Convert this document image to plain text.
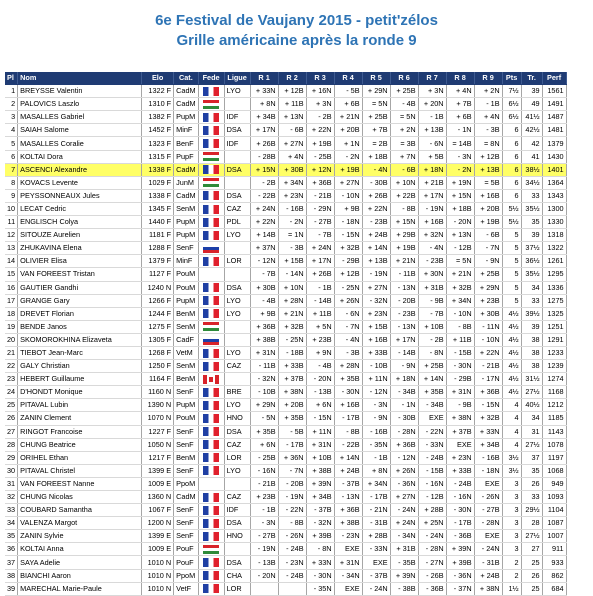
6e Festival de Vaujany 2015 - petit'zélos
Grille américaine après la ronde 9
Pl	Nom	Elo	Cat.	Fede	Ligue	R 1	R 2	R 3	R 4	R 5	R 6	R 7	R 8	R 9	Pts	Tr.	Perf
1	BREYSSE Valentin	1322 F	CadM		LYO	+ 33N	+ 12B	+ 16N	- 5B	+ 29N	+ 25B	+ 3N	+ 4N	+ 2N	7½	39	1561
2	PALOVICS Laszlo	1310 F	CadM			+ 8N	+ 11B	+ 3N	+ 6B	= 5N	- 4B	+ 20N	+ 7B	- 1B	6½	49	1491
3	MASALLES Gabriel	1382 F	PupM		IDF	+ 34B	+ 13N	- 2B	+ 21N	+ 25B	= 5N	- 1B	+ 6B	+ 4N	6½	41½	1487
4	SAIAH Salome	1452 F	MinF		DSA	+ 17N	- 6B	+ 22N	+ 20B	+ 7B	+ 2N	+ 13B	- 1N	- 3B	6	42½	1481
5	MASALLES Coralie	1323 F	BenF		IDF	+ 26B	+ 27N	+ 19B	+ 1N	= 2B	= 3B	- 6N	= 14B	= 8N	6	42	1379
6	KOLTAI Dora	1315 F	PupF			- 28B	+ 4N	- 25B	- 2N	+ 18B	+ 7N	+ 5B	- 3N	+ 12B	6	41	1430
7	ASCENCI Alexandre	1338 F	CadM		DSA	+ 15N	+ 30B	+ 12N	+ 19B	- 4N	- 6B	+ 18N	- 2N	+ 13B	6	38½	1401
8	KOVACS Levente	1029 F	JunM			- 2B	+ 34N	+ 36B	+ 27N	- 30B	+ 10N	+ 21B	+ 19N	= 5B	6	34½	1364
9	PEYSSONNEAUX Jules	1338 F	CadM		DSA	- 22B	+ 23N	- 21B	- 10N	+ 26B	+ 22B	+ 17N	+ 15N	+ 16B	6	33	1343
10	LECAT Cedric	1345 F	SenM		CAZ	+ 24N	- 16B	- 29N	+ 9B	+ 22N	- 8B	- 19N	+ 18B	+ 20B	5½	35½	1300
11	ENGLISCH Colya	1440 F	PupM		PDL	+ 22N	- 2N	- 27B	- 18N	- 23B	+ 15N	+ 16B	- 20N	+ 19B	5½	35	1330
12	SITOUZE Aurelien	1181 F	PupM		LYO	+ 14B	= 1N	- 7B	- 15N	+ 24B	+ 29B	+ 32N	+ 13N	- 6B	5	39	1318
13	ZHUKAVINA Elena	1288 F	SenF			+ 37N	- 3B	+ 24N	+ 32B	+ 14N	+ 19B	- 4N	- 12B	- 7N	5	37½	1322
14	OLIVIER Elisa	1379 F	MinF		LOR	- 12N	+ 15B	+ 17N	- 29B	+ 13B	+ 21N	- 23B	= 5N	- 9N	5	36½	1261
15	VAN FOREEST Tristan	1127 F	PouM			- 7B	- 14N	+ 26B	+ 12B	- 19N	- 11B	+ 30N	+ 21N	+ 25B	5	35½	1295
16	GAUTIER Gandhi	1240 N	PouM		DSA	+ 30B	+ 10N	- 1B	- 25N	+ 27N	- 13N	+ 31B	+ 32B	+ 29N	5	34	1336
17	GRANGE Gary	1266 F	PupM		LYO	- 4B	+ 28N	- 14B	+ 26N	- 32N	- 20B	- 9B	+ 34N	+ 23B	5	33	1275
18	DREVET Florian	1244 F	BenM		LYO	+ 9B	+ 21N	+ 11B	- 6N	+ 23N	- 23B	- 7B	- 10N	+ 30B	4½	39½	1325
19	BENDE Janos	1275 F	SenM			+ 36B	+ 32B	+ 5N	- 7N	+ 15B	- 13N	+ 10B	- 8B	- 11N	4½	39	1251
20	SKOMOROKHINA Elizaveta	1305 F	CadF			+ 38B	- 25N	+ 23B	- 4N	+ 16B	+ 17N	- 2B	+ 11B	- 10N	4½	38	1291
21	TIEBOT Jean-Marc	1268 F	VetM		LYO	+ 31N	- 18B	+ 9N	- 3B	+ 33B	- 14B	- 8N	- 15B	+ 22N	4½	38	1233
22	GALY Christian	1250 F	SenM		CAZ	- 11B	+ 33B	- 4B	+ 28N	- 10B	- 9N	+ 25B	- 30N	- 21B	4½	38	1239
23	HEBERT Guillaume	1164 F	BenM			- 32N	+ 37B	- 20N	+ 35B	+ 11N	+ 18N	+ 14N	- 29B	- 17N	4½	31½	1274
24	D'HONDT Monique	1160 N	SenF		BRE	- 10B	+ 38N	- 13B	- 30N	- 12N	- 34B	+ 35B	+ 31N	+ 36B	4½	27½	1168
25	PITAVAL Lubin	1390 N	PupM		LYO	+ 29N	+ 20B	+ 6N	+ 16B	- 3N	- 1N	- 34B	- 9B	- 15N	4	40½	1212
26	ZANIN Clement	1070 N	PouM		HNO	- 5N	+ 35B	- 15N	- 17B	- 9N	- 30B	EXE	+ 38N	+ 32B	4	34	1185
27	RINGOT Francoise	1227 F	SenF		DSA	+ 35B	- 5B	+ 11N	- 8B	- 16B	- 28N	- 22N	+ 37B	+ 33N	4	31	1143
28	CHUNG Beatrice	1050 N	SenF		CAZ	+ 6N	- 17B	+ 31N	- 22B	- 35N	+ 36B	- 33N	EXE	+ 34B	4	27½	1078
29	ORIHEL Ethan	1217 F	BenM		LOR	- 25B	+ 36N	+ 10B	+ 14N	- 1B	- 12N	- 24B	+ 23N	- 16B	3½	37	1197
30	PITAVAL Christel	1399 E	SenF		LYO	- 16N	- 7N	+ 38B	+ 24B	+ 8N	+ 26N	- 15B	+ 33B	- 18N	3½	35	1068
31	VAN FOREEST Nanne	1009 E	PpoM			- 21B	- 20B	+ 39N	- 37B	+ 34N	- 36N	- 16N	- 24B	EXE	3	26	949
32	CHUNG Nicolas	1360 N	CadM		CAZ	+ 23B	- 19N	+ 34B	- 13N	- 17B	+ 27N	- 12B	- 16N	- 26N	3	33	1093
33	COUBARD Samantha	1067 F	SenF		IDF	- 1B	- 22N	- 37B	+ 36B	- 21N	- 24N	+ 28B	- 30N	- 27B	3	29½	1104
34	VALENZA Margot	1200 N	SenF		DSA	- 3N	- 8B	- 32N	+ 38B	- 31B	+ 24N	+ 25N	- 17B	- 28N	3	28	1087
35	ZANIN Sylvie	1399 E	SenF		HNO	- 27B	- 26N	+ 39B	- 23N	+ 28B	- 34N	- 24N	- 36B	EXE	3	27½	1007
36	KOLTAI Anna	1009 E	PouF			- 19N	- 24B	- 8N	EXE	- 33N	+ 31B	- 28N	+ 39N	- 24N	3	27	911
37	SAYA Adelie	1010 N	PouF		DSA	- 13B	- 23N	+ 33N	+ 31N	EXE	- 35B	- 27N	+ 39B	- 31B	2	25	933
38	BIANCHI Aaron	1010 N	PpoM		CHA	- 20N	- 24B	- 30N	- 34N	- 37B	+ 39N	- 26B	- 36N	+ 24B	2	26	862
39	MARECHAL Marie-Paule	1010 N	VetF		LOR			- 35N	EXE	- 24N	- 38B	- 36B	- 37N	+ 38N	1½	25	684
